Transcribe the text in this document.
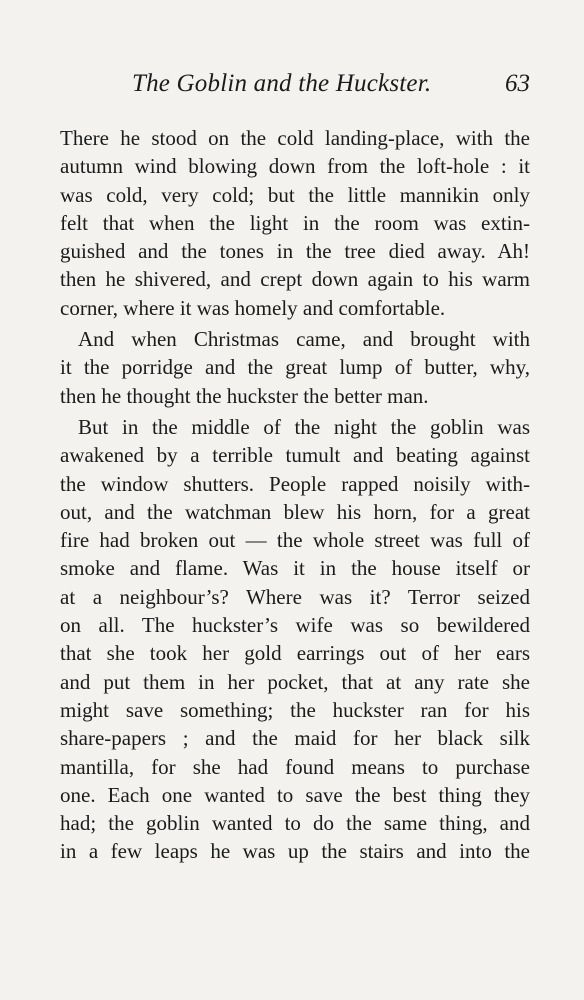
The Goblin and the Huckster.	63
There he stood on the cold landing-place, with the
autumn wind blowing down from the loft-hole : it
was cold, very cold; but the little mannikin only
felt that when the light in the room was extin-
guished and the tones in the tree died away. Ah!
then he shivered, and crept down again to his warm
corner, where it was homely and comfortable.
And when Christmas came, and brought with
it the porridge and the great lump of butter, why,
then he thought the huckster the better man.
But in the middle of the night the goblin was
awakened by a terrible tumult and beating against
the window shutters. People rapped noisily with-
out, and the watchman blew his horn, for a great
fire had broken out — the whole street was full of
smoke and flame. Was it in the house itself or
at a neighbour’s? Where was it? Terror seized
on all. The huckster’s wife was so bewildered
that she took her gold earrings out of her ears
and put them in her pocket, that at any rate she
might save something; the huckster ran for his
share-papers ; and the maid for her black silk
mantilla, for she had found means to purchase
one. Each one wanted to save the best thing they
had; the goblin wanted to do the same thing, and
in a few leaps he was up the stairs and into the
